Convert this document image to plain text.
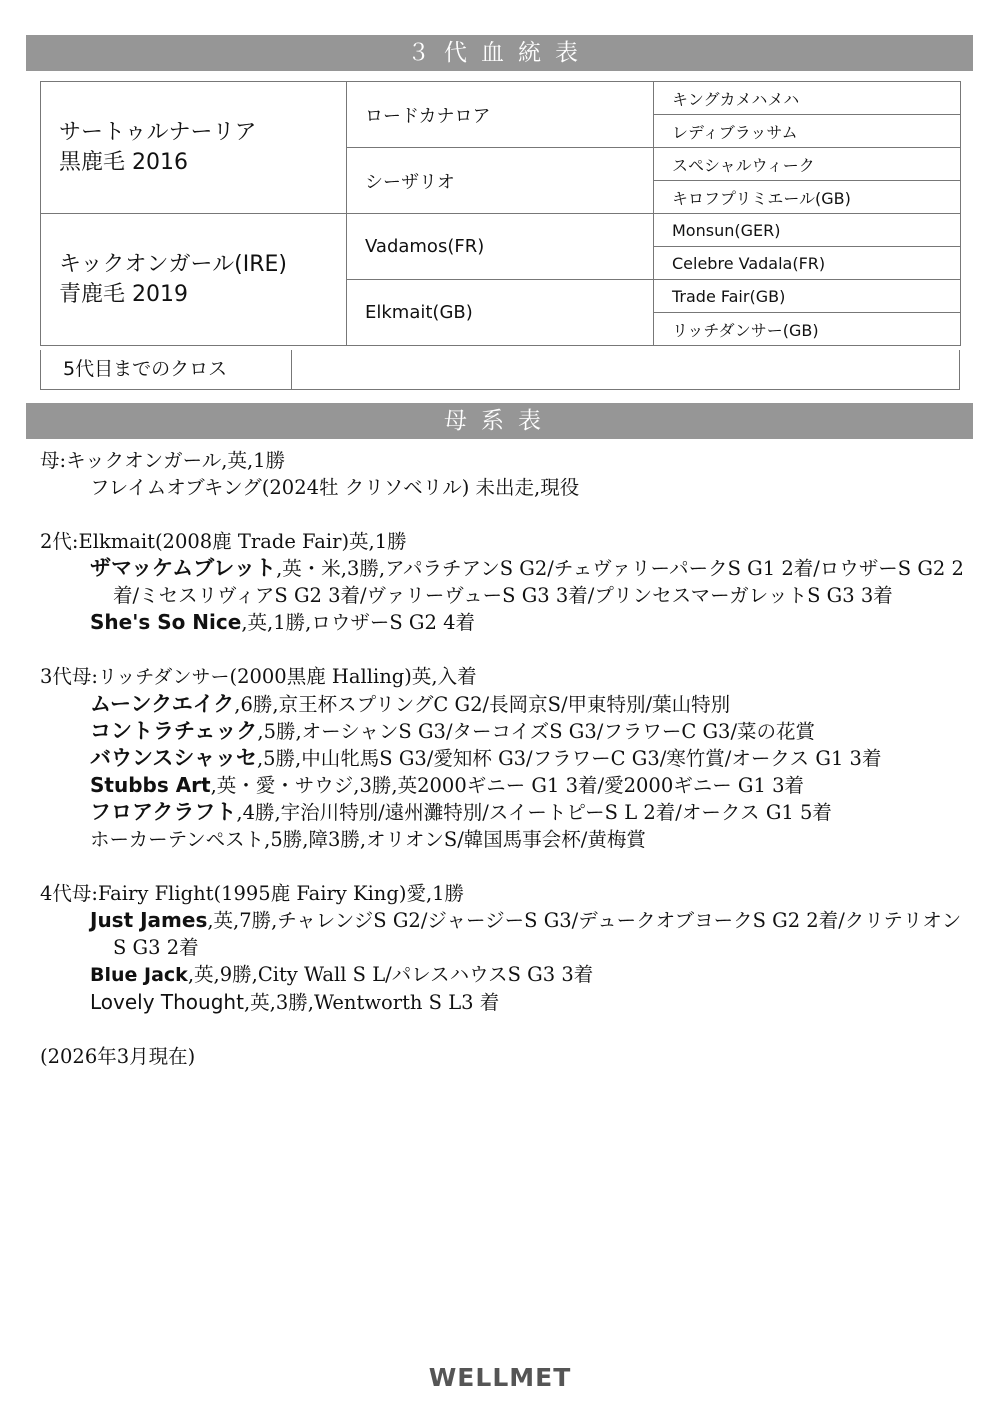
３代血統表
サートゥルナーリア
黒鹿毛 2016	ロードカナロア	キングカメハメハ
		レディブラッサム
	シーザリオ	スペシャルウィーク
		キロフプリミエール(GB)

キックオンガール(IRE)
青鹿毛 2019	Vadamos(FR)	Monsun(GER)
		Celebre Vadala(FR)
	Elkmait(GB)	Trade Fair(GB)
		リッチダンサー(GB)
5代目までのクロス
母系表
母:キックオンガール,英,1勝
フレイムオブキング(2024牡 クリソベリル) 未出走,現役
2代:Elkmait(2008鹿 Trade Fair)英,1勝
ザマッケムブレット,英・米,3勝,アパラチアンS G2/チェヴァリーパークS G1 2着/ロウザーS G2 2着/ミセスリヴィアS G2 3着/ヴァリーヴューS G3 3着/プリンセスマーガレットS G3 3着
She's So Nice,英,1勝,ロウザーS G2 4着
3代母:リッチダンサー(2000黒鹿 Halling)英,入着
ムーンクエイク,6勝,京王杯スプリングC G2/長岡京S/甲東特別/葉山特別
コントラチェック,5勝,オーシャンS G3/ターコイズS G3/フラワーC G3/菜の花賞
バウンスシャッセ,5勝,中山牝馬S G3/愛知杯 G3/フラワーC G3/寒竹賞/オークス G1 3着
Stubbs Art,英・愛・サウジ,3勝,英2000ギニー G1 3着/愛2000ギニー G1 3着
フロアクラフト,4勝,宇治川特別/遠州灘特別/スイートピーS L 2着/オークス G1 5着
ホーカーテンペスト,5勝,障3勝,オリオンS/韓国馬事会杯/黄梅賞
4代母:Fairy Flight(1995鹿 Fairy King)愛,1勝
Just James,英,7勝,チャレンジS G2/ジャージーS G3/デュークオブヨークS G2 2着/クリテリオンS G3 2着
Blue Jack,英,9勝,City Wall S L/パレスハウスS G3 3着
Lovely Thought,英,3勝,Wentworth S L3 着
(2026年3月現在)
WELLMET
